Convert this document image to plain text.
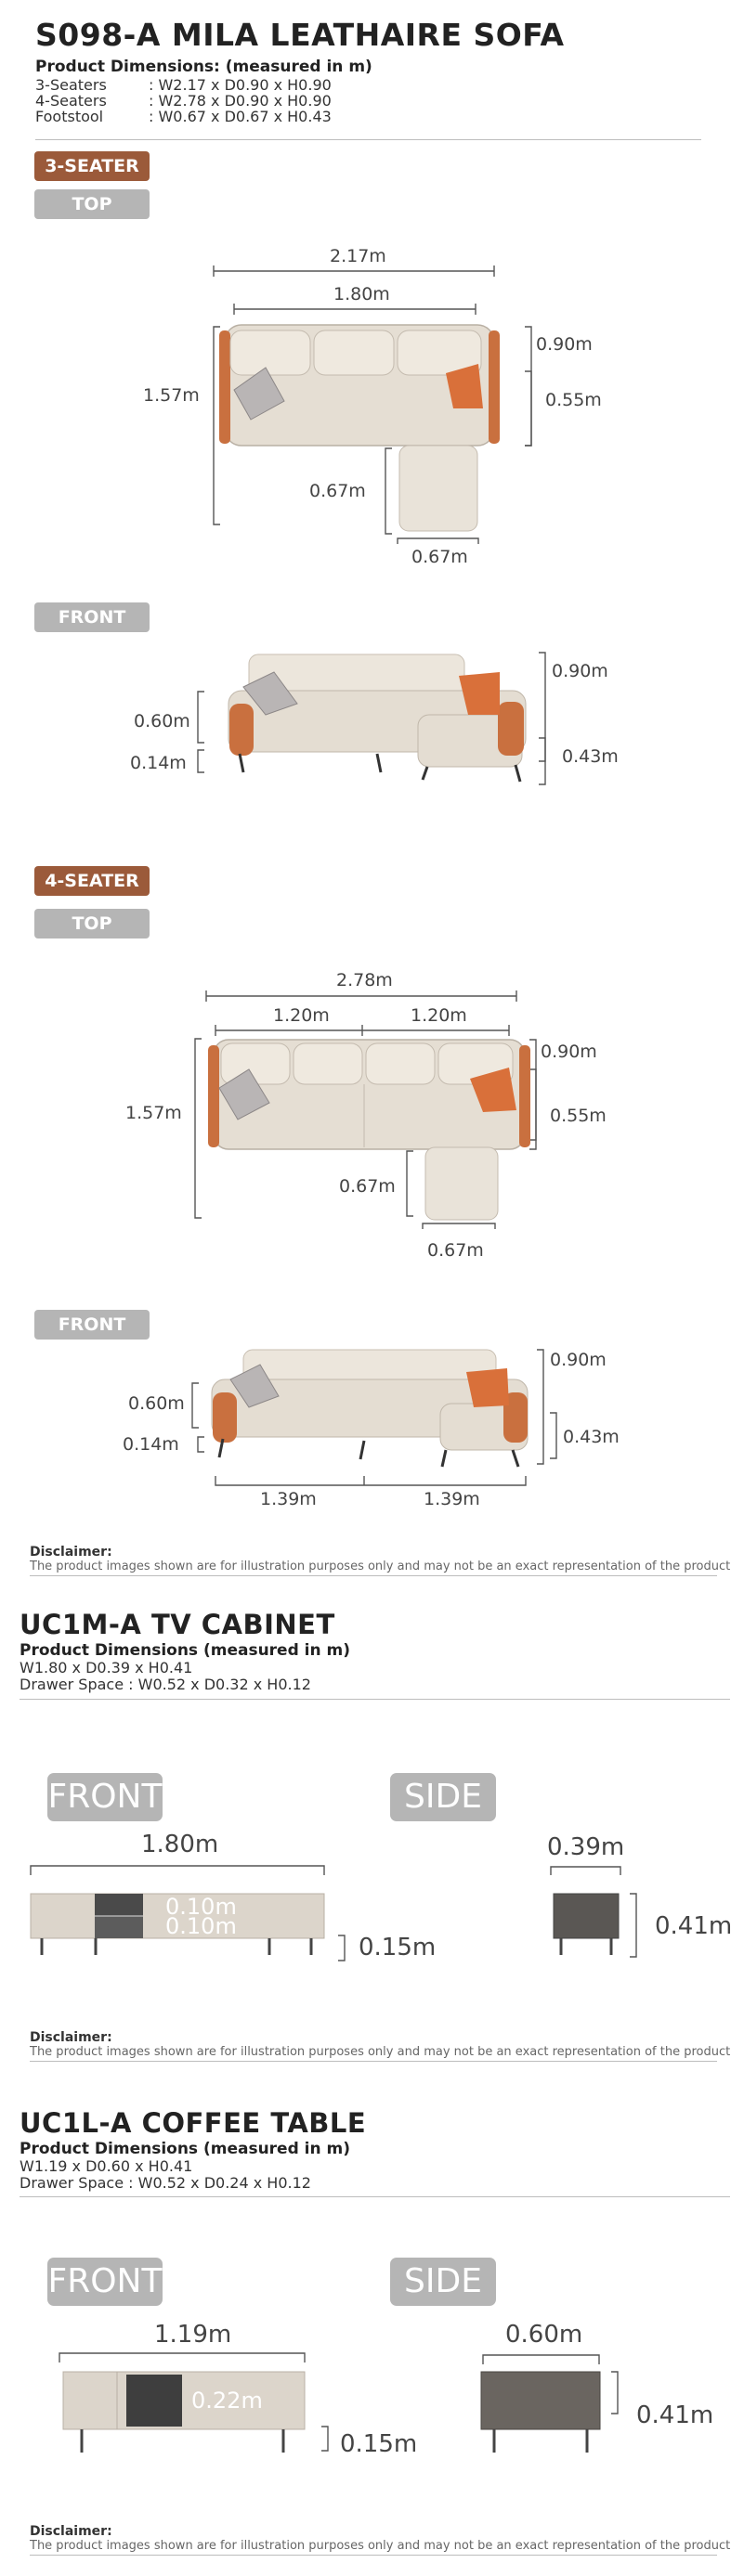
S098-A MILA LEATHAIRE SOFA
Product Dimensions: (measured in m)
3-Seaters	: W2.17 x D0.90 x H0.90
4-Seaters	: W2.78 x D0.90 x H0.90
Footstool	: W0.67 x D0.67 x H0.43
3-SEATER
TOP
2.17m
1.80m
1.57m
0.90m
0.55m
0.67m
0.67m
FRONT
0.90m
0.43m
0.60m
0.14m
4-SEATER
TOP
2.78m
1.20m	1.20m
1.57m
0.90m
0.55m
0.67m
0.67m
FRONT
0.90m
0.43m
0.60m
0.14m
1.39m	1.39m
Disclaimer:
The product images shown are for illustration purposes only and may not be an exact representation of the product
UC1M-A TV CABINET
Product Dimensions (measured in m)
W1.80 x D0.39 x H0.41
Drawer Space : W0.52 x D0.32 x H0.12
FRONT	SIDE
1.80m
0.10m
0.10m
0.15m
0.39m
0.41m
Disclaimer:
The product images shown are for illustration purposes only and may not be an exact representation of the product
UC1L-A COFFEE TABLE
Product Dimensions (measured in m)
W1.19 x D0.60 x H0.41
Drawer Space : W0.52 x D0.24 x H0.12
FRONT	SIDE
1.19m
0.22m
0.15m
0.60m
0.41m
Disclaimer:
The product images shown are for illustration purposes only and may not be an exact representation of the product
